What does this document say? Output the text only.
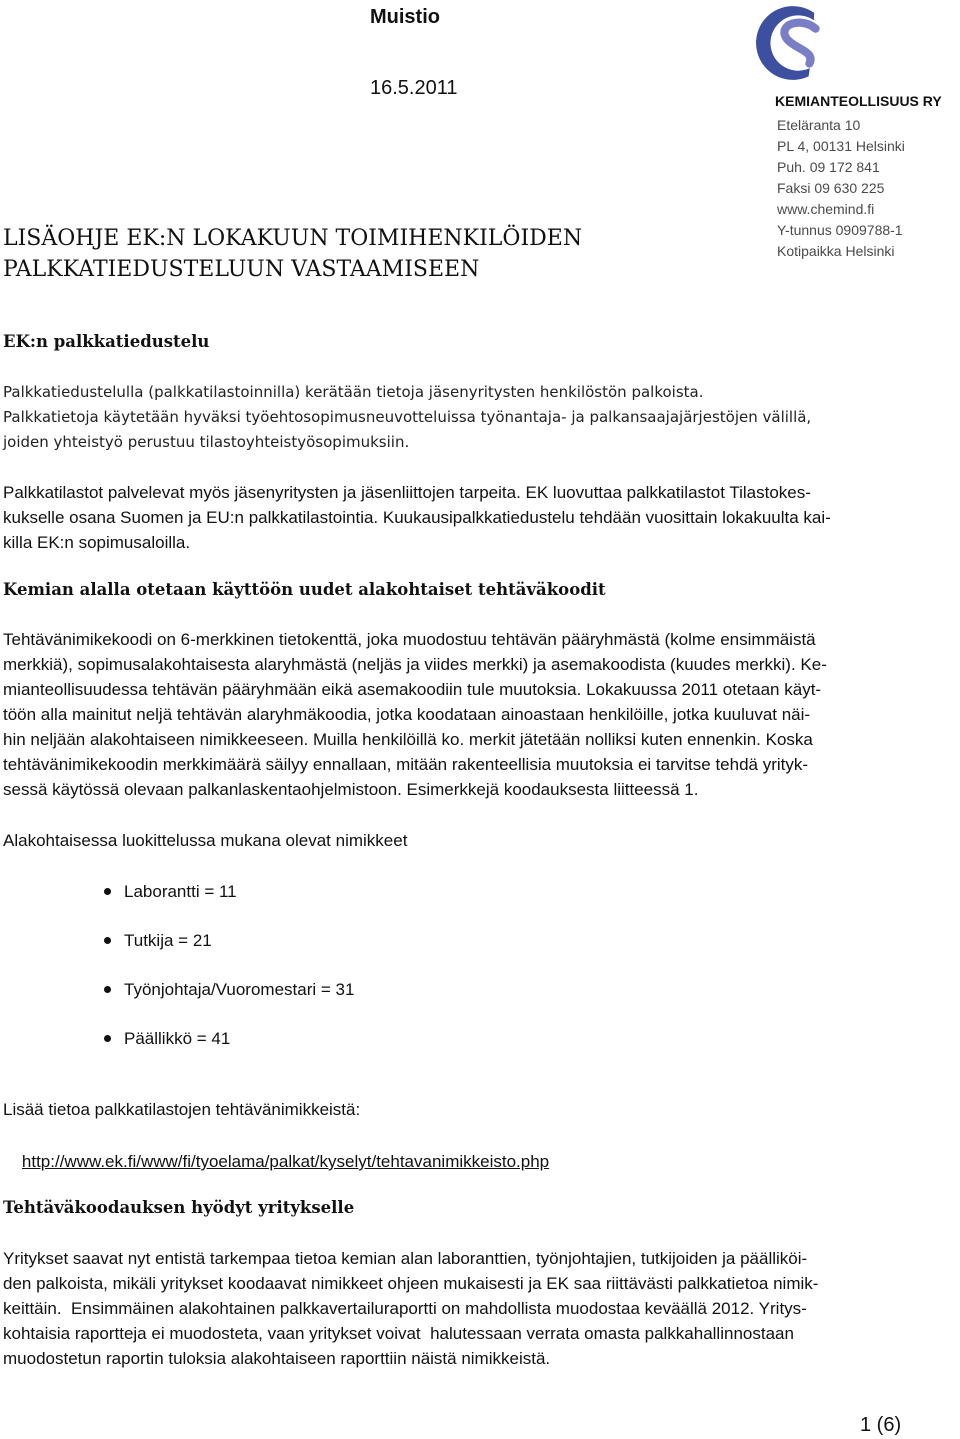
Muistio
16.5.2011
LISÄOHJE EK:N LOKAKUUN TOIMIHENKILÖIDEN
PALKKATIEDUSTELUUN VASTAAMISEEN
KEMIANTEOLLISUUS RY
Eteläranta 10
PL 4, 00131 Helsinki
Puh. 09 172 841
Faksi 09 630 225
www.chemind.fi
Y-tunnus 0909788-1
Kotipaikka Helsinki
EK:n palkkatiedustelu
Palkkatiedustelulla (palkkatilastoinnilla) kerätään tietoja jäsenyritysten henkilöstön palkoista.
Palkkatietoja käytetään hyväksi työehtosopimusneuvotteluissa työnantaja- ja palkansaajajärjestöjen välillä,
joiden yhteistyö perustuu tilastoyhteistyösopimuksiin.
Palkkatilastot palvelevat myös jäsenyritysten ja jäsenliittojen tarpeita. EK luovuttaa palkkatilastot Tilastokes-
kukselle osana Suomen ja EU:n palkkatilastointia. Kuukausipalkkatiedustelu tehdään vuosittain lokakuulta kai-
killa EK:n sopimusaloilla.
Kemian alalla otetaan käyttöön uudet alakohtaiset tehtäväkoodit
Tehtävänimikekoodi on 6-merkkinen tietokenttä, joka muodostuu tehtävän pääryhmästä (kolme ensimmäistä
merkkiä), sopimusalakohtaisesta alaryhmästä (neljäs ja viides merkki) ja asemakoodista (kuudes merkki). Ke-
mianteollisuudessa tehtävän pääryhmään eikä asemakoodiin tule muutoksia. Lokakuussa 2011 otetaan käyt-
töön alla mainitut neljä tehtävän alaryhmäkoodia, jotka koodataan ainoastaan henkilöille, jotka kuuluvat näi-
hin neljään alakohtaiseen nimikkeeseen. Muilla henkilöillä ko. merkit jätetään nolliksi kuten ennenkin. Koska
tehtävänimikekoodin merkkimäärä säilyy ennallaan, mitään rakenteellisia muutoksia ei tarvitse tehdä yrityk-
sessä käytössä olevaan palkanlaskentaohjelmistoon. Esimerkkejä koodauksesta liitteessä 1.
Alakohtaisessa luokittelussa mukana olevat nimikkeet
Laborantti = 11
Tutkija = 21
Työnjohtaja/Vuoromestari = 31
Päällikkö = 41
Lisää tietoa palkkatilastojen tehtävänimikkeistä:

http://www.ek.fi/www/fi/tyoelama/palkat/kyselyt/tehtavanimikkeisto.php

Tehtäväkoodauksen hyödyt yritykselle
Yritykset saavat nyt entistä tarkempaa tietoa kemian alan laboranttien, työnjohtajien, tutkijoiden ja päälliköi-
den palkoista, mikäli yritykset koodaavat nimikkeet ohjeen mukaisesti ja EK saa riittävästi palkkatietoa nimik-
keittäin.  Ensimmäinen alakohtainen palkkavertailuraportti on mahdollista muodostaa keväällä 2012. Yritys-
kohtaisia raportteja ei muodosteta, vaan yritykset voivat  halutessaan verrata omasta palkkahallinnostaan
muodostetun raportin tuloksia alakohtaiseen raporttiin näistä nimikkeistä.
1 (6)
